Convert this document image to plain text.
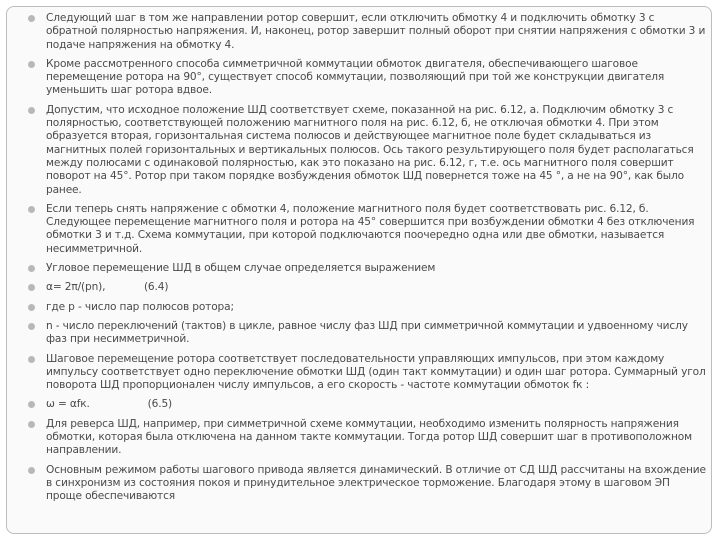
Следующий шаг в том же направлении ротор совершит, если отключить обмотку 4 и подключить обмотку 3 с обратной полярностью напряжения. И, наконец, ротор завершит полный оборот при снятии напряжения с обмотки 3 и подаче напряжения на обмотку 4.
Кроме рассмотренного способа симметричной коммутации обмоток двигателя, обеспечивающего шаговое перемещение ротора на 90°, существует способ коммутации, позволяющий при той же конструкции двигателя уменьшить шаг ротора вдвое.
Допустим, что исходное положение ШД соответствует схеме, показанной на рис. 6.12, а. Подключим обмотку 3 с полярностью, соответствующей положению магнитного поля на рис. 6.12, б, не отключая обмотки 4. При этом образуется вторая, горизонтальная система полюсов и действующее магнитное поле будет складываться из магнитных полей горизонтальных и вертикальных полюсов. Ось такого результирующего поля будет располагаться между полюсами с одинаковой полярностью, как это показано на рис. 6.12, г, т.е. ось магнитного поля совершит поворот на 45°. Ротор при таком порядке возбуждения обмоток ШД повернется тоже на 45 °, а не на 90°, как было ранее.
Если теперь снять напряжение с обмотки 4, положение магнитного поля будет соответствовать рис. 6.12, б. Следующее перемещение магнитного поля и ротора на 45° совершится при возбуждении обмотки 4 без отключения обмотки 3 и т.д. Схема коммутации, при которой подключаются поочередно одна или две обмотки, называется несимметричной.
Угловое перемещение ШД в общем случае определяется выражением
α= 2π/(pn),            (6.4)
где р - число пар полюсов ротора;
n - число переключений (тактов) в цикле, равное числу фаз ШД при симметричной коммутации и удвоенному числу фаз при несимметричной.
Шаговое перемещение ротора соответствует последовательности управляющих импульсов, при этом каждому импульсу соответствует одно переключение обмотки ШД (один такт коммутации) и один шаг ротора. Суммарный угол поворота ШД пропорционален числу импульсов, а его скорость - частоте коммутации обмоток fк :
ω = αfк.                  (6.5)
Для реверса ШД, например, при симметричной схеме коммутации, необходимо изменить полярность напряжения обмотки, которая была отключена на данном такте коммутации. Тогда ротор ШД совершит шаг в противоположном направлении.
Основным режимом работы шагового привода является динамический. В отличие от СД ШД рассчитаны на вхождение в синхронизм из состояния покоя и принудительное электрическое торможение. Благодаря этому в шаговом ЭП проще обеспечиваются
